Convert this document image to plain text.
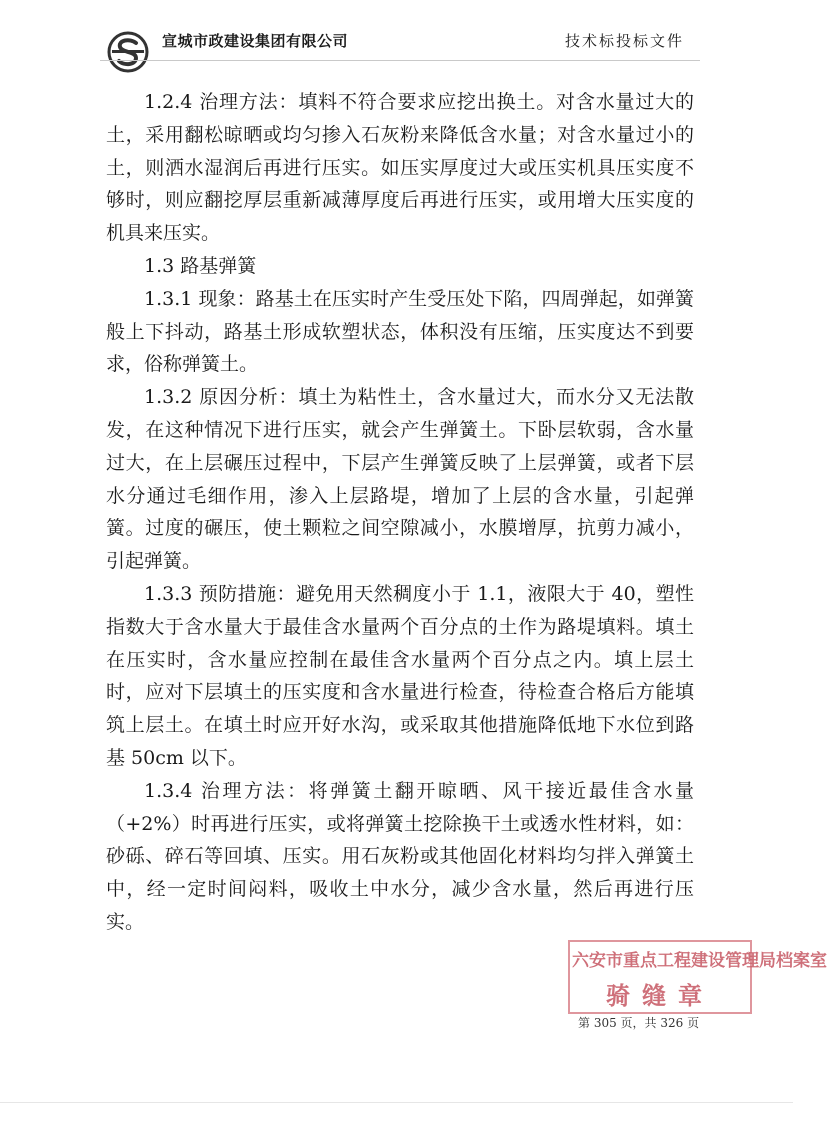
宣城市政建设集团有限公司	技术标投标文件

1.2.4 治理方法：填料不符合要求应挖出换土。对含水量过大的土，采用翻松晾晒或均匀掺入石灰粉来降低含水量；对含水量过小的土，则洒水湿润后再进行压实。如压实厚度过大或压实机具压实度不够时，则应翻挖厚层重新减薄厚度后再进行压实，或用增大压实度的机具来压实。

1.3 路基弹簧

1.3.1 现象：路基土在压实时产生受压处下陷，四周弹起，如弹簧般上下抖动，路基土形成软塑状态，体积没有压缩，压实度达不到要求，俗称弹簧土。

1.3.2 原因分析：填土为粘性土，含水量过大，而水分又无法散发，在这种情况下进行压实，就会产生弹簧土。下卧层软弱，含水量过大，在上层碾压过程中，下层产生弹簧反映了上层弹簧，或者下层水分通过毛细作用，渗入上层路堤，增加了上层的含水量，引起弹簧。过度的碾压，使土颗粒之间空隙减小，水膜增厚，抗剪力减小，引起弹簧。

1.3.3 预防措施：避免用天然稠度小于 1.1，液限大于 40，塑性指数大于含水量大于最佳含水量两个百分点的土作为路堤填料。填土在压实时，含水量应控制在最佳含水量两个百分点之内。填上层土时，应对下层填土的压实度和含水量进行检查，待检查合格后方能填筑上层土。在填土时应开好水沟，或采取其他措施降低地下水位到路基 50cm 以下。

1.3.4 治理方法：将弹簧土翻开晾晒、风干接近最佳含水量（+2%）时再进行压实，或将弹簧土挖除换干土或透水性材料，如：砂砾、碎石等回填、压实。用石灰粉或其他固化材料均匀拌入弹簧土中，经一定时间闷料，吸收土中水分，减少含水量，然后再进行压实。

六安市重点工程建设管理局档案室
骑缝章
第 305 页，共 326 页
